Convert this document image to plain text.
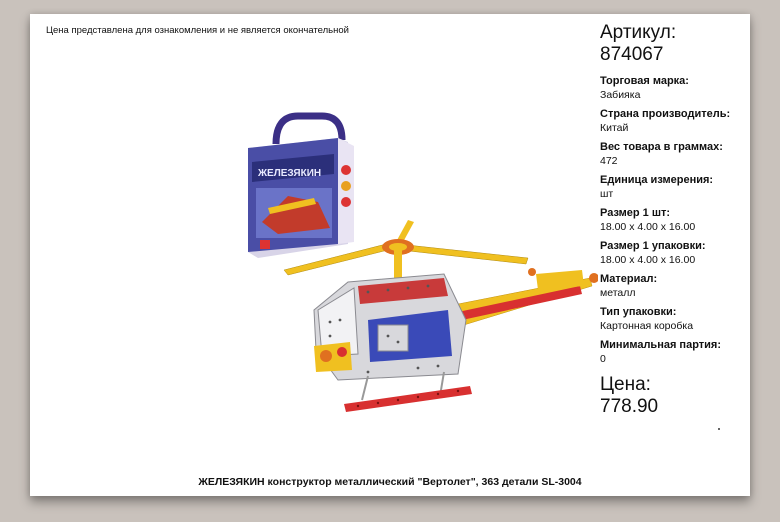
Цена представлена для ознакомления и не является окончательной
ЖЕЛЕЗЯКИН
Артикул:
874067
Торговая марка:
Забияка
Страна производитель:
Китай
Вес товара в граммах:
472
Единица измерения:
шт
Размер 1 шт:
18.00 x 4.00 x 16.00
Размер 1 упаковки:
18.00 x 4.00 x 16.00
Материал:
металл
Тип упаковки:
Картонная коробка
Минимальная партия:
0
Цена:
778.90
ЖЕЛЕЗЯКИН конструктор металлический "Вертолет", 363 детали SL-3004
